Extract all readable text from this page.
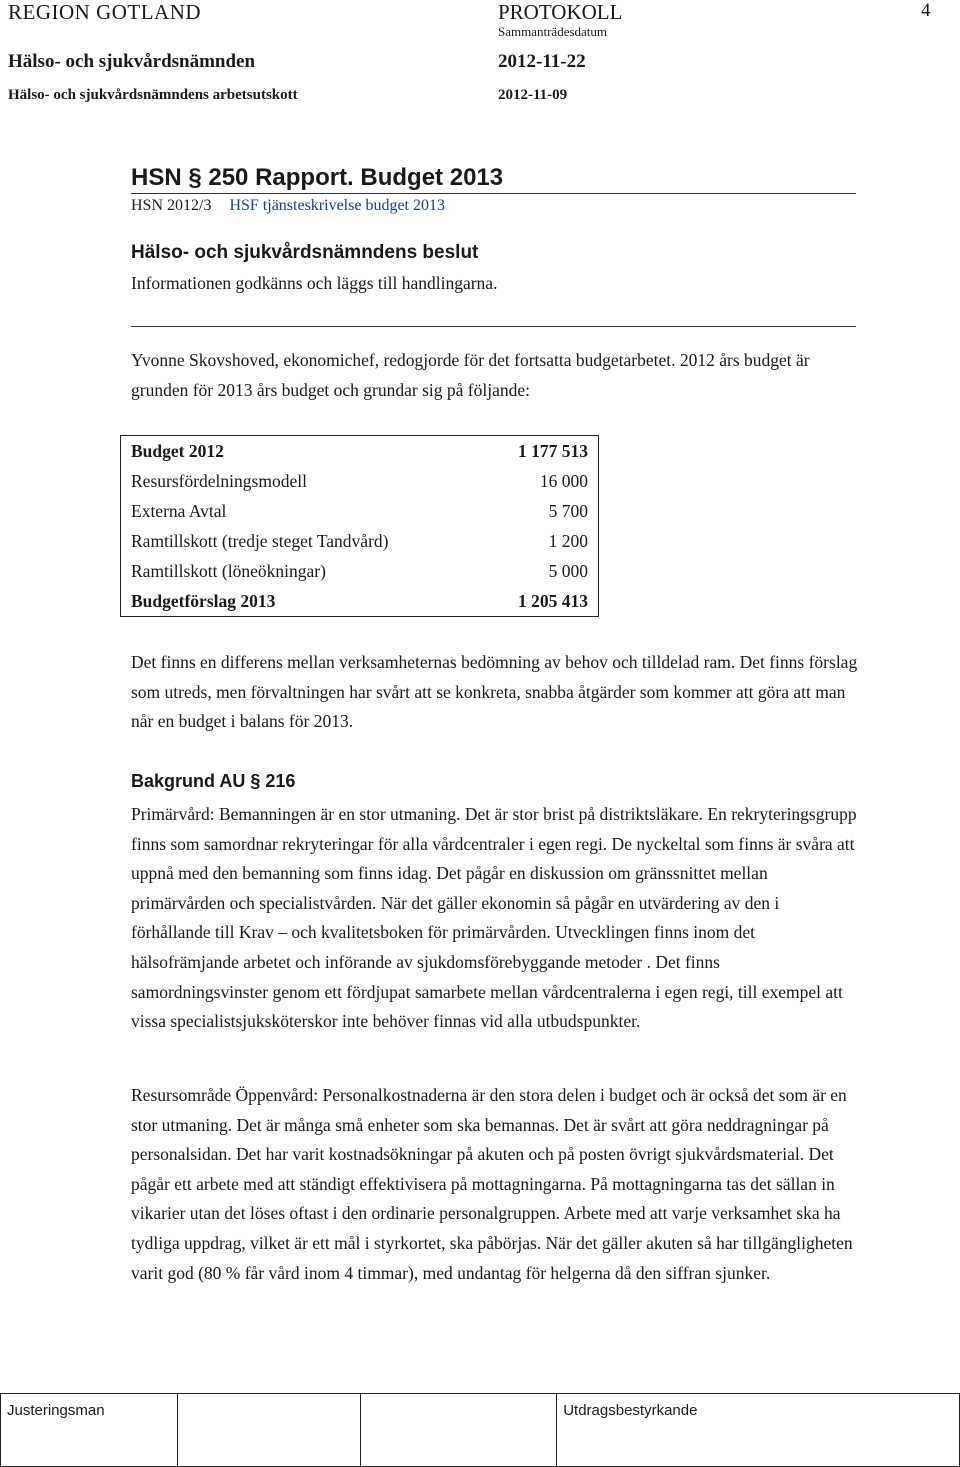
REGION GOTLAND	PROTOKOLL	4
Sammanträdesdatum
Hälso- och sjukvårdsnämnden	2012-11-22
Hälso- och sjukvårdsnämndens arbetsutskott	2012-11-09
HSN § 250 Rapport. Budget 2013
HSN 2012/3 HSF tjänsteskrivelse budget 2013
Hälso- och sjukvårdsnämndens beslut
Informationen godkänns och läggs till handlingarna.
Yvonne Skovshoved, ekonomichef, redogjorde för det fortsatta budgetarbetet. 2012 års budget är grunden för 2013 års budget och grundar sig på följande:
Budget 2012	1 177 513
Resursfördelningsmodell	16 000
Externa Avtal	5 700
Ramtillskott (tredje steget Tandvård)	1 200
Ramtillskott (löneökningar)	5 000
Budgetförslag 2013	1 205 413
Det finns en differens mellan verksamheternas bedömning av behov och tilldelad ram. Det finns förslag som utreds, men förvaltningen har svårt att se konkreta, snabba åtgärder som kommer att göra att man når en budget i balans för 2013.
Bakgrund AU § 216
Primärvård: Bemanningen är en stor utmaning. Det är stor brist på distriktsläkare. En rekryteringsgrupp finns som samordnar rekryteringar för alla vårdcentraler i egen regi. De nyckeltal som finns är svåra att uppnå med den bemanning som finns idag. Det pågår en diskussion om gränssnittet mellan primärvården och specialistvården. När det gäller ekonomin så pågår en utvärdering av den i förhållande till Krav – och kvalitetsboken för primärvården. Utvecklingen finns inom det hälsofrämjande arbetet och införande av sjukdomsförebyggande metoder . Det finns samordningsvinster genom ett fördjupat samarbete mellan vårdcentralerna i egen regi, till exempel att vissa specialistsjuksköterskor inte behöver finnas vid alla utbudspunkter.
Resursområde Öppenvård: Personalkostnaderna är den stora delen i budget och är också det som är en stor utmaning. Det är många små enheter som ska bemannas. Det är svårt att göra neddragningar på personalsidan. Det har varit kostnadsökningar på akuten och på posten övrigt sjukvårdsmaterial. Det pågår ett arbete med att ständigt effektivisera på mottagningarna. På mottagningarna tas det sällan in vikarier utan det löses oftast i den ordinarie personalgruppen. Arbete med att varje verksamhet ska ha tydliga uppdrag, vilket är ett mål i styrkortet, ska påbörjas. När det gäller akuten så har tillgängligheten varit god (80 % får vård inom 4 timmar), med undantag för helgerna då den siffran sjunker.
Justeringsman			Utdragsbestyrkande
